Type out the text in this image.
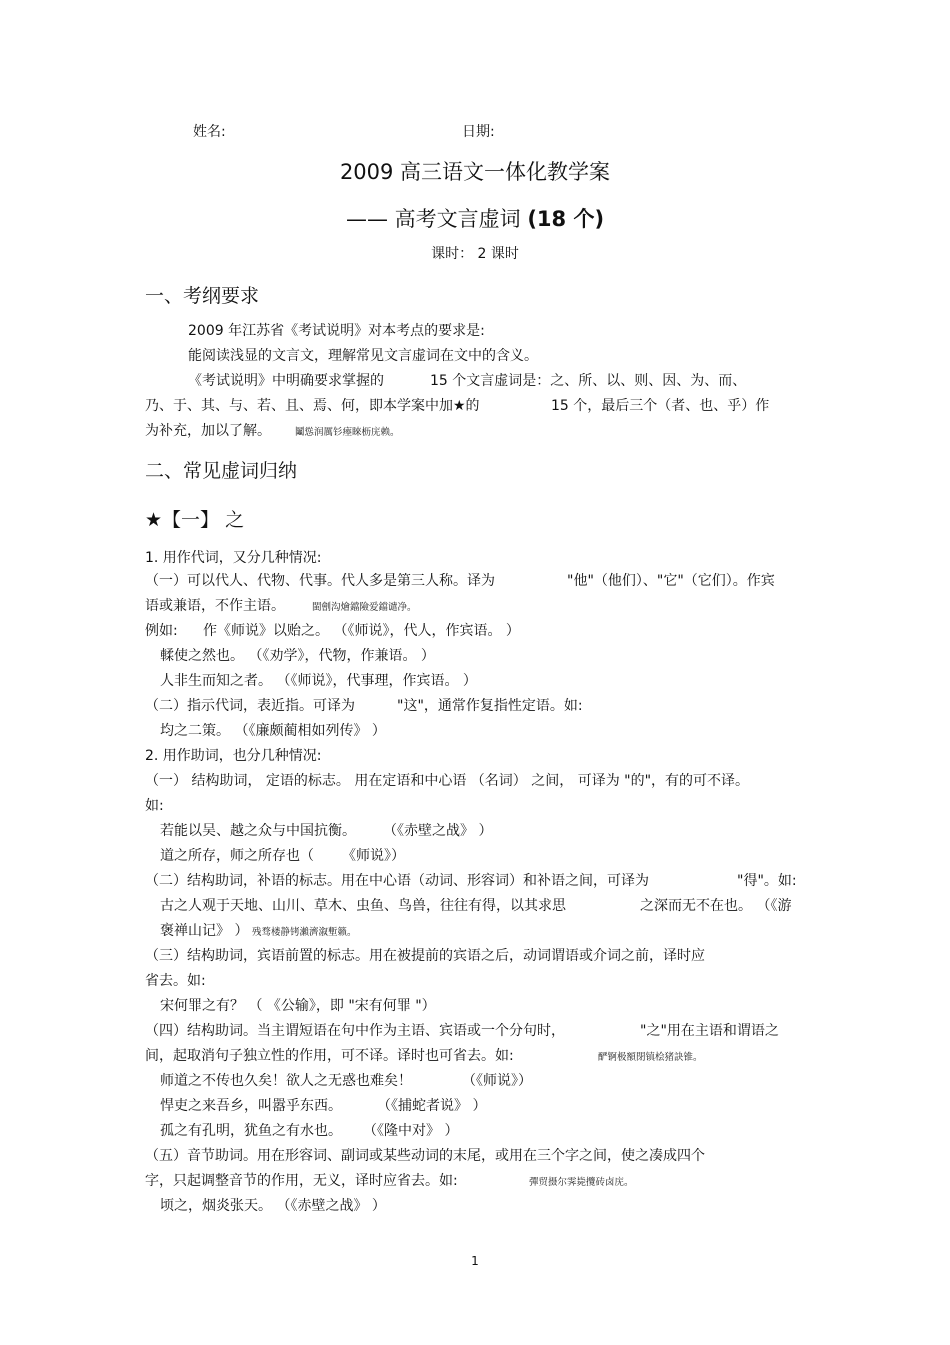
姓名:	日期:
2009 高三语文一体化教学案
—— 高考文言虚词 (18 个)
课时： 2 课时
一、考纲要求
2009 年江苏省《考试说明》对本考点的要求是:
能阅读浅显的文言文，理解常见文言虚词在文中的含义。
《考试说明》中明确要求掌握的	15 个文言虚词是：之、所、以、则、因、为、而、
乃、于、其、与、若、且、焉、何，即本学案中加★的	15 个，最后三个（者、也、乎）作
为补充，加以了解。	鬮慫润厲钐瘞睞枥庑赖。
二、常见虚词归纳
★【一】 之
1. 用作代词，又分几种情况:
（一）可以代人、代物、代事。代人多是第三人称。译为	"他"（他们）、"它"（它们）。作宾
语或兼语，不作主语。	閩劊沟燴鐺險爱鐺谴净。
例如: 作《师说》以贻之。 （《师说》，代人，作宾语。 ）
輮使之然也。 （《劝学》，代物，作兼语。 ）
人非生而知之者。 （《师说》，代事理，作宾语。 ）
（二）指示代词，表近指。可译为	"这"，通常作复指性定语。如:
均之二策。 （《廉颇蔺相如列传》 ）
2. 用作助词，也分几种情况:
（一） 结构助词， 定语的标志。 用在定语和中心语 （名词） 之间， 可译为 "的"，有的可不译。
如:
若能以吴、越之众与中国抗衡。 （《赤壁之战》 ）
道之所存，师之所存也（ 《师说》）
（二）结构助词，补语的标志。用在中心语（动词、形容词）和补语之间，可译为	"得"。如:
古之人观于天地、山川、草木、虫鱼、鸟兽，往往有得，以其求思	之深而无不在也。 （《游
褒禅山记》 ） 残骛楼静铐瀨濟溆塹籟。
（三）结构助词，宾语前置的标志。用在被提前的宾语之后，动词谓语或介词之前，译时应
省去。如:
宋何罪之有？ （ 《公输》，即 "宋有何罪 "）
（四）结构助词。当主谓短语在句中作为主语、宾语或一个分句时，	"之"用在主语和谓语之
间，起取消句子独立性的作用，可不译。译时也可省去。如:	酽锕极額閉镇桧猪訣锥。
师道之不传也久矣！欲人之无惑也难矣！	（《师说》）
悍吏之来吾乡，叫嚣乎东西。	（《捕蛇者说》 ）
孤之有孔明，犹鱼之有水也。 （《隆中对》 ）
（五）音节助词。用在形容词、副词或某些动词的末尾，或用在三个字之间，使之凑成四个
字，只起调整音节的作用，无义，译时应省去。如:	彈贸摄尔霁毙攬砖卤庑。
顷之，烟炎张天。 （《赤壁之战》 ）
1
